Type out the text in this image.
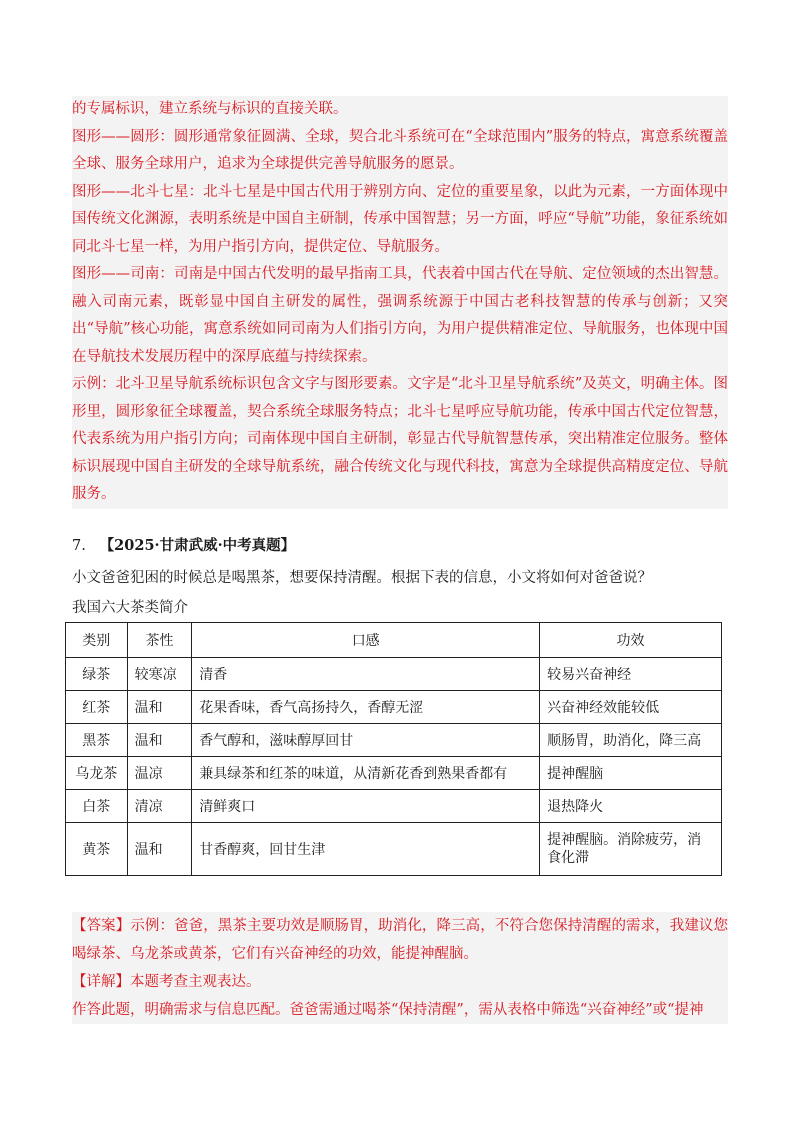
的专属标识，建立系统与标识的直接关联。

图形——圆形：圆形通常象征圆满、全球，契合北斗系统可在“全球范围内”服务的特点，寓意系统覆盖全球、服务全球用户，追求为全球提供完善导航服务的愿景。

图形——北斗七星：北斗七星是中国古代用于辨别方向、定位的重要星象，以此为元素，一方面体现中国传统文化渊源，表明系统是中国自主研制，传承中国智慧；另一方面，呼应“导航”功能，象征系统如同北斗七星一样，为用户指引方向，提供定位、导航服务。

图形——司南：司南是中国古代发明的最早指南工具，代表着中国古代在导航、定位领域的杰出智慧。融入司南元素，既彰显中国自主研发的属性，强调系统源于中国古老科技智慧的传承与创新；又突出“导航”核心功能，寓意系统如同司南为人们指引方向，为用户提供精准定位、导航服务，也体现中国在导航技术发展历程中的深厚底蕴与持续探索。

示例：北斗卫星导航系统标识包含文字与图形要素。文字是“北斗卫星导航系统”及英文，明确主体。图形里，圆形象征全球覆盖，契合系统全球服务特点；北斗七星呼应导航功能，传承中国古代定位智慧，代表系统为用户指引方向；司南体现中国自主研制，彰显古代导航智慧传承，突出精准定位服务。整体标识展现中国自主研发的全球导航系统，融合传统文化与现代科技，寓意为全球提供高精度定位、导航服务。

7. 【2025·甘肃武威·中考真题】
小文爸爸犯困的时候总是喝黑茶，想要保持清醒。根据下表的信息，小文将如何对爸爸说？
我国六大茶类简介
类别	茶性	口感	功效
绿茶	较寒凉	清香	较易兴奋神经
红茶	温和	花果香味，香气高扬持久，香醇无涩	兴奋神经效能较低
黑茶	温和	香气醇和，滋味醇厚回甘	顺肠胃，助消化，降三高
乌龙茶	温凉	兼具绿茶和红茶的味道，从清新花香到熟果香都有	提神醒脑
白茶	清凉	清鲜爽口	退热降火
黄茶	温和	甘香醇爽，回甘生津	提神醒脑。消除疲劳，消食化滞

【答案】示例：爸爸，黑茶主要功效是顺肠胃，助消化，降三高，不符合您保持清醒的需求，我建议您喝绿茶、乌龙茶或黄茶，它们有兴奋神经的功效，能提神醒脑。

【详解】本题考查主观表达。

作答此题，明确需求与信息匹配。爸爸需通过喝茶“保持清醒”，需从表格中筛选“兴奋神经”或“提神
